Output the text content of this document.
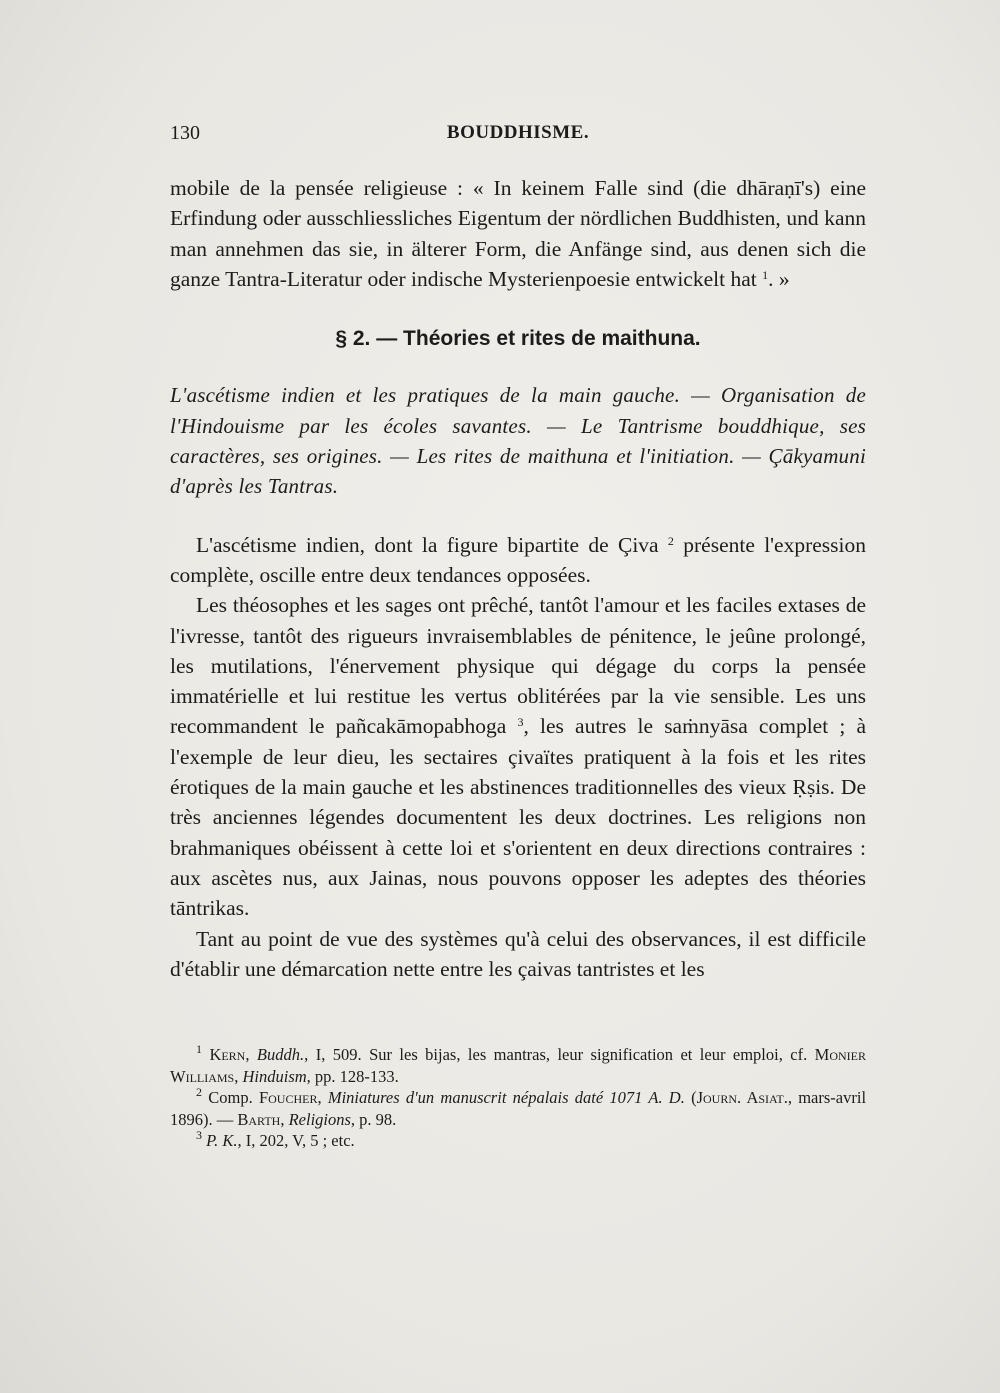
130	BOUDDHISME.

mobile de la pensée religieuse : « In keinem Falle sind (die dhāraṇī's) eine Erfindung oder ausschliessliches Eigentum der nördlichen Buddhisten, und kann man annehmen das sie, in älterer Form, die Anfänge sind, aus denen sich die ganze Tantra-Literatur oder indische Mysterienpoesie entwickelt hat $^1$. »

§ 2. — Théories et rites de maithuna.

L'ascétisme indien et les pratiques de la main gauche. — Organisation de l'Hindouisme par les écoles savantes. — Le Tantrisme bouddhique, ses caractères, ses origines. — Les rites de maithuna et l'initiation. — Çākyamuni d'après les Tantras.

L'ascétisme indien, dont la figure bipartite de Çiva $^2$ présente l'expression complète, oscille entre deux tendances opposées.

Les théosophes et les sages ont prêché, tantôt l'amour et les faciles extases de l'ivresse, tantôt des rigueurs invraisemblables de pénitence, le jeûne prolongé, les mutilations, l'énervement physique qui dégage du corps la pensée immatérielle et lui restitue les vertus oblitérées par la vie sensible. Les uns recommandent le pañcakāmopabhoga $^3$, les autres le saṁnyāsa complet ; à l'exemple de leur dieu, les sectaires çivaïtes pratiquent à la fois et les rites érotiques de la main gauche et les abstinences traditionnelles des vieux Ṛṣis. De très anciennes légendes documentent les deux doctrines. Les religions non brahmaniques obéissent à cette loi et s'orientent en deux directions contraires : aux ascètes nus, aux Jainas, nous pouvons opposer les adeptes des théories tāntrikas.

Tant au point de vue des systèmes qu'à celui des observances, il est difficile d'établir une démarcation nette entre les çaivas tantristes et les

$^1$ Kern, Buddh., I, 509. Sur les bijas, les mantras, leur signification et leur emploi, cf. Monier Williams, Hinduism, pp. 128-133.

$^2$ Comp. Foucher, Miniatures d'un manuscrit népalais daté 1071 A. D. (Journ. Asiat., mars-avril 1896). — Barth, Religions, p. 98.

$^3$ P. K., I, 202, V, 5 ; etc.
